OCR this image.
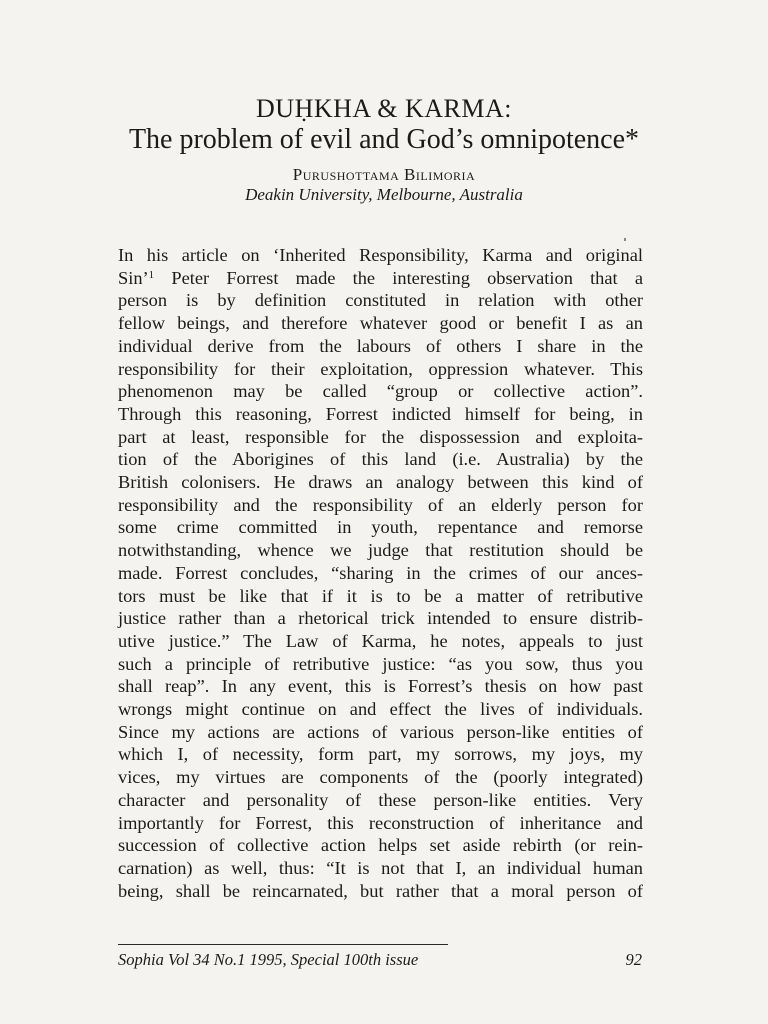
DUḤKHA & KARMA:
The problem of evil and God’s omnipotence*
Purushottama Bilimoria
Deakin University, Melbourne, Australia
In his article on ‘Inherited Responsibility, Karma and original
Sin’$^1$ Peter Forrest made the interesting observation that a
person is by definition constituted in relation with other
fellow beings, and therefore whatever good or benefit I as an
individual derive from the labours of others I share in the
responsibility for their exploitation, oppression whatever. This
phenomenon may be called “group or collective action”.
Through this reasoning, Forrest indicted himself for being, in
part at least, responsible for the dispossession and exploita-
tion of the Aborigines of this land (i.e. Australia) by the
British colonisers. He draws an analogy between this kind of
responsibility and the responsibility of an elderly person for
some crime committed in youth, repentance and remorse
notwithstanding, whence we judge that restitution should be
made. Forrest concludes, “sharing in the crimes of our ances-
tors must be like that if it is to be a matter of retributive
justice rather than a rhetorical trick intended to ensure distrib-
utive justice.” The Law of Karma, he notes, appeals to just
such a principle of retributive justice: “as you sow, thus you
shall reap”. In any event, this is Forrest’s thesis on how past
wrongs might continue on and effect the lives of individuals.
Since my actions are actions of various person-like entities of
which I, of necessity, form part, my sorrows, my joys, my
vices, my virtues are components of the (poorly integrated)
character and personality of these person-like entities. Very
importantly for Forrest, this reconstruction of inheritance and
succession of collective action helps set aside rebirth (or rein-
carnation) as well, thus: “It is not that I, an individual human
being, shall be reincarnated, but rather that a moral person of
Sophia Vol 34 No.1 1995, Special 100th issue	92
